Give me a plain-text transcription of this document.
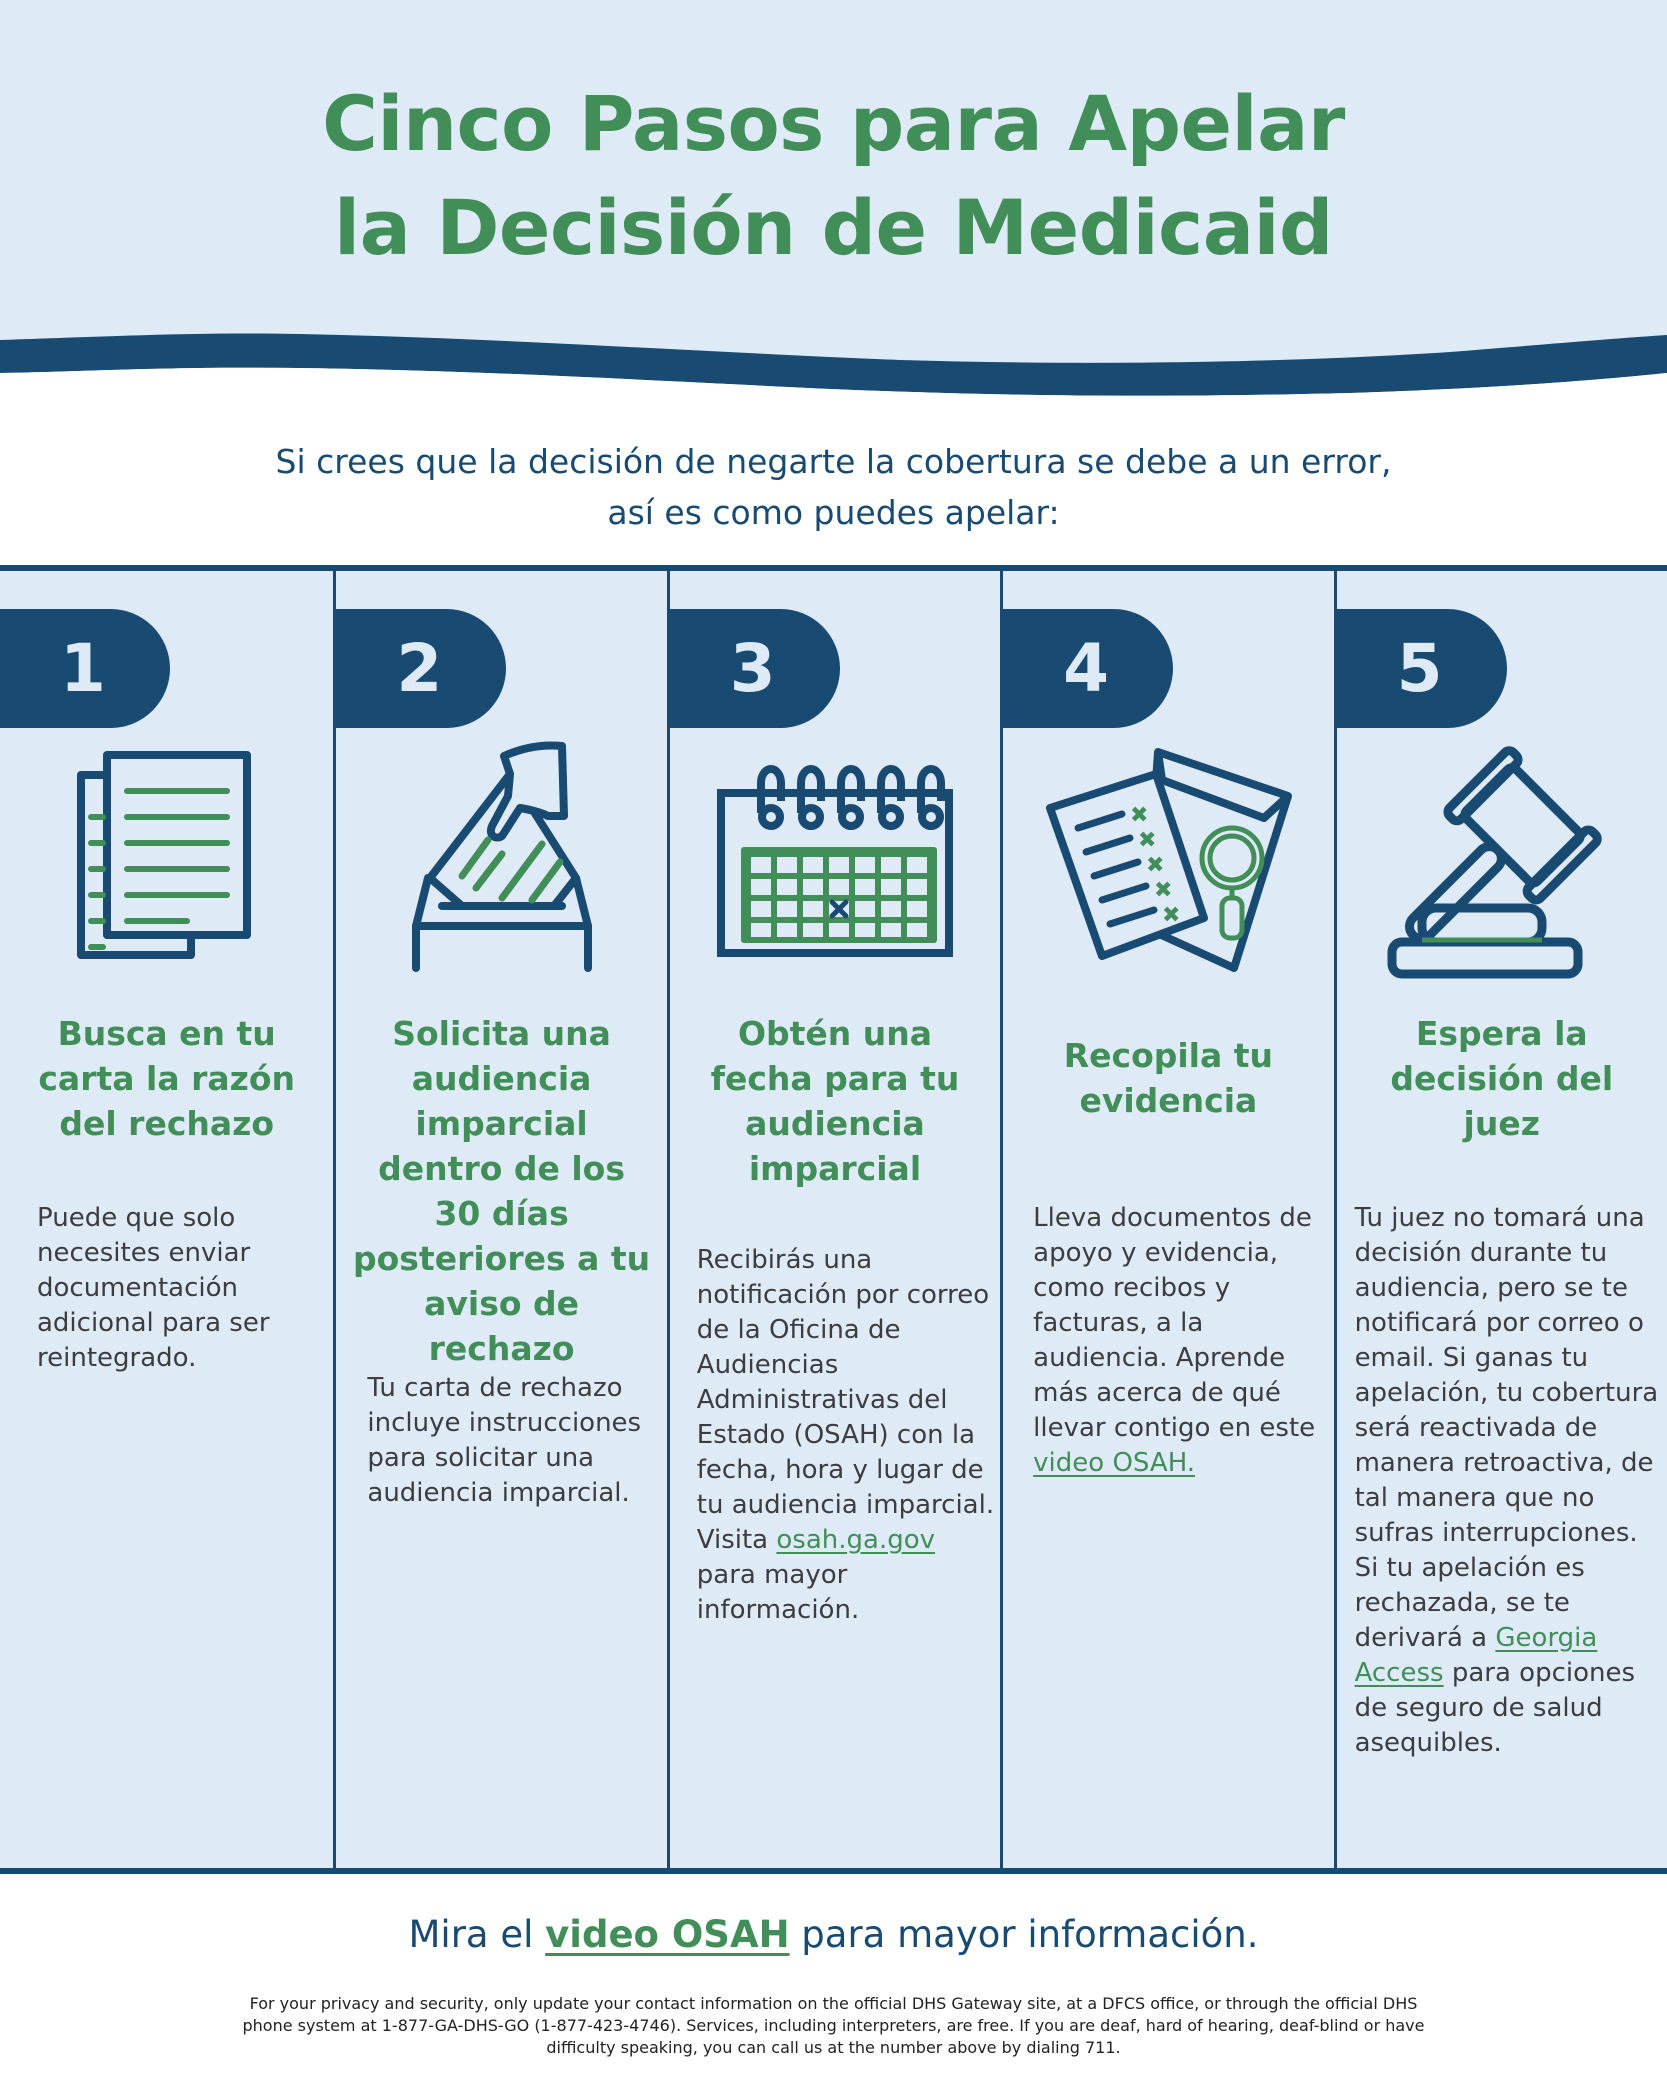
Cinco Pasos para Apelar
la Decisión de Medicaid
Si crees que la decisión de negarte la cobertura se debe a un error,
así es como puedes apelar:
1
Busca en tu carta la razón del rechazo
Puede que solo necesites enviar documentación adicional para ser reintegrado.
2
Solicita una audiencia imparcial dentro de los 30 días posteriores a tu aviso de rechazo
Tu carta de rechazo incluye instrucciones para solicitar una audiencia imparcial.
3
Obtén una fecha para tu audiencia imparcial
Recibirás una notificación por correo de la Oficina de Audiencias Administrativas del Estado (OSAH) con la fecha, hora y lugar de tu audiencia imparcial. Visita osah.ga.gov para mayor información.
4
✖
✖
✖
✖
✖
Recopila tu evidencia
Lleva documentos de apoyo y evidencia, como recibos y facturas, a la audiencia. Aprende más acerca de qué llevar contigo en este video OSAH.
5
Espera la decisión del juez
Tu juez no tomará una decisión durante tu audiencia, pero se te notificará por correo o email. Si ganas tu apelación, tu cobertura será reactivada de manera retroactiva, de tal manera que no sufras interrupciones. Si tu apelación es rechazada, se te derivará a Georgia Access para opciones de seguro de salud asequibles.
Mira el video OSAH para mayor información.
For your privacy and security, only update your contact information on the official DHS Gateway site, at a DFCS office, or through the official DHS phone system at 1-877-GA-DHS-GO (1-877-423-4746). Services, including interpreters, are free. If you are deaf, hard of hearing, deaf-blind or have difficulty speaking, you can call us at the number above by dialing 711.
